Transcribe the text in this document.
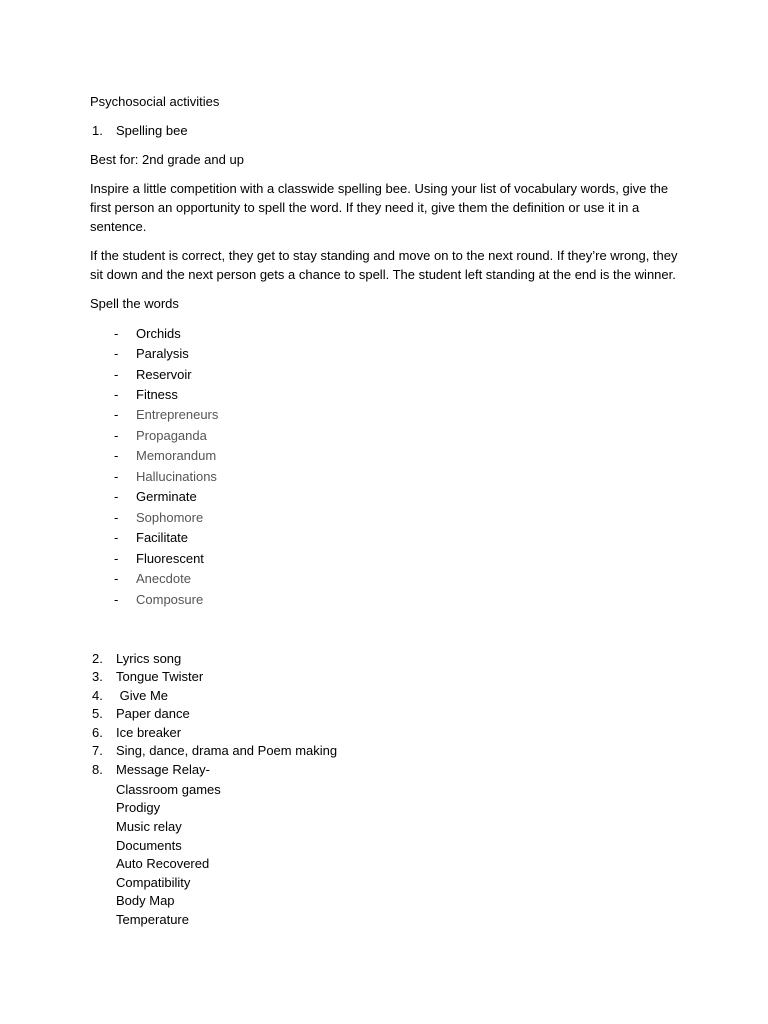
Psychosocial activities
1. Spelling bee
Best for: 2nd grade and up
Inspire a little competition with a classwide spelling bee. Using your list of vocabulary words, give the first person an opportunity to spell the word. If they need it, give them the definition or use it in a sentence.
If the student is correct, they get to stay standing and move on to the next round. If they’re wrong, they sit down and the next person gets a chance to spell. The student left standing at the end is the winner.
Spell the words
- Orchids
- Paralysis
- Reservoir
- Fitness
- Entrepreneurs
- Propaganda
- Memorandum
- Hallucinations
- Germinate
- Sophomore
- Facilitate
- Fluorescent
- Anecdote
- Composure
2. Lyrics song
3. Tongue Twister
4. Give Me
5. Paper dance
6. Ice breaker
7. Sing, dance, drama and Poem making
8. Message Relay-
Classroom games
Prodigy
Music relay
Documents
Auto Recovered
Compatibility
Body Map
Temperature
